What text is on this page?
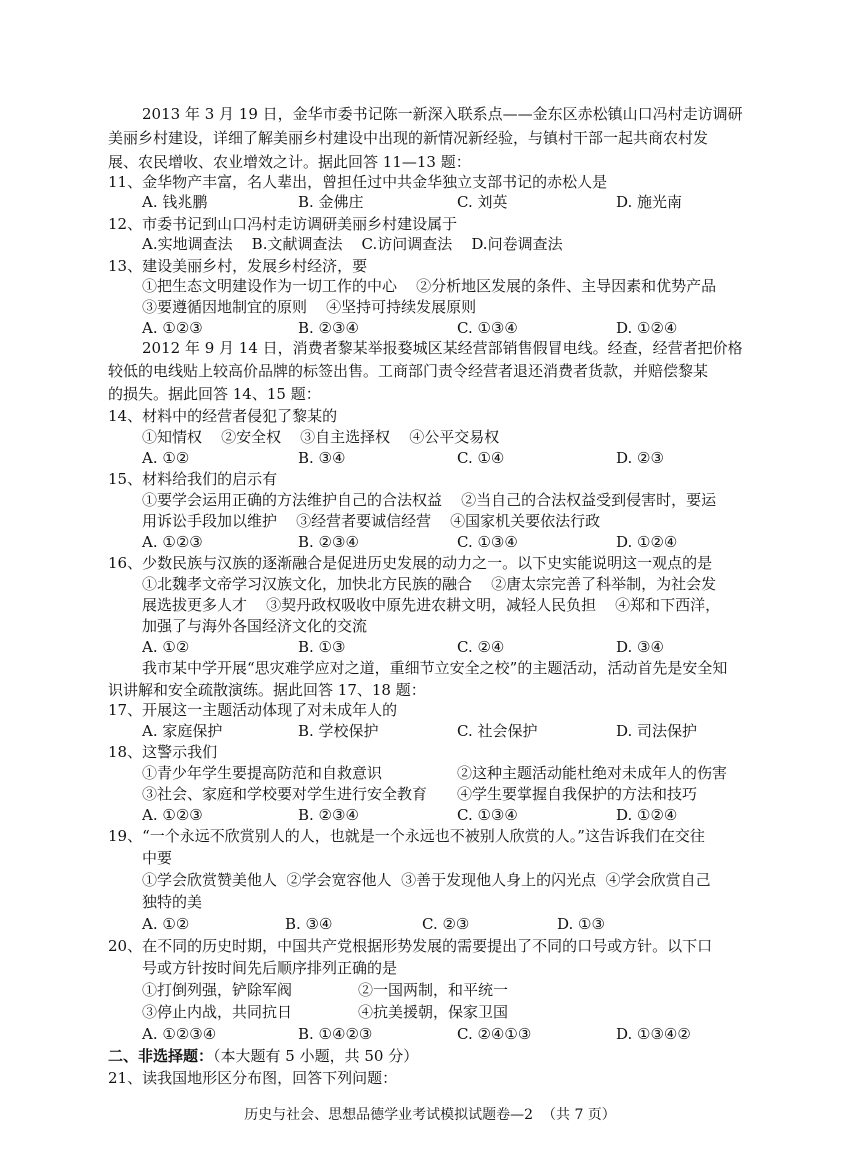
2013 年 3 月 19 日，金华市委书记陈一新深入联系点——金东区赤松镇山口冯村走访调研
美丽乡村建设，详细了解美丽乡村建设中出现的新情况新经验，与镇村干部一起共商农村发
展、农民增收、农业增效之计。据此回答 11—13 题：
11、金华物产丰富，名人辈出，曾担任过中共金华独立支部书记的赤松人是
A. 钱兆鹏	B. 金佛庄	C. 刘英	D. 施光南
12、市委书记到山口冯村走访调研美丽乡村建设属于
A.实地调查法    B.文献调查法    C.访问调查法    D.问卷调查法
13、建设美丽乡村，发展乡村经济，要
①把生态文明建设作为一切工作的中心    ②分析地区发展的条件、主导因素和优势产品
③要遵循因地制宜的原则    ④坚持可持续发展原则
A. ①②③	B. ②③④	C. ①③④	D. ①②④
2012 年 9 月 14 日，消费者黎某举报婺城区某经营部销售假冒电线。经查，经营者把价格
较低的电线贴上较高价品牌的标签出售。工商部门责令经营者退还消费者货款，并赔偿黎某
的损失。据此回答 14、15 题：
14、材料中的经营者侵犯了黎某的
①知情权    ②安全权    ③自主选择权    ④公平交易权
A. ①②	B. ③④	C. ①④	D. ②③
15、材料给我们的启示有
①要学会运用正确的方法维护自己的合法权益    ②当自己的合法权益受到侵害时，要运
用诉讼手段加以维护    ③经营者要诚信经营    ④国家机关要依法行政
A. ①②③	B. ②③④	C. ①③④	D. ①②④
16、少数民族与汉族的逐渐融合是促进历史发展的动力之一。以下史实能说明这一观点的是
①北魏孝文帝学习汉族文化，加快北方民族的融合    ②唐太宗完善了科举制，为社会发
展选拔更多人才    ③契丹政权吸收中原先进农耕文明，减轻人民负担    ④郑和下西洋，
加强了与海外各国经济文化的交流
A. ①②	B. ①③	C. ②④	D. ③④
我市某中学开展“思灾难学应对之道，重细节立安全之校”的主题活动，活动首先是安全知
识讲解和安全疏散演练。据此回答 17、18 题：
17、开展这一主题活动体现了对未成年人的
A. 家庭保护	B. 学校保护	C. 社会保护	D. 司法保护
18、这警示我们
①青少年学生要提高防范和自救意识	②这种主题活动能杜绝对未成年人的伤害
③社会、家庭和学校要对学生进行安全教育 ④学生要掌握自我保护的方法和技巧
A. ①②③	B. ②③④	C. ①③④	D. ①②④
19、“一个永远不欣赏别人的人，也就是一个永远也不被别人欣赏的人。”这告诉我们在交往
中要
①学会欣赏赞美他人  ②学会宽容他人  ③善于发现他人身上的闪光点  ④学会欣赏自己
独特的美
A. ①②	B. ③④	C. ②③	D. ①③
20、在不同的历史时期，中国共产党根据形势发展的需要提出了不同的口号或方针。以下口
号或方针按时间先后顺序排列正确的是
①打倒列强，铲除军阀	②一国两制，和平统一
③停止内战，共同抗日	④抗美援朝，保家卫国
A. ①②③④	B. ①④②③	C. ②④①③	D. ①③④②
二、非选择题：（本大题有 5 小题，共 50 分）
21、读我国地形区分布图，回答下列问题：
历史与社会、思想品德学业考试模拟试题卷—2  （共 7 页）
